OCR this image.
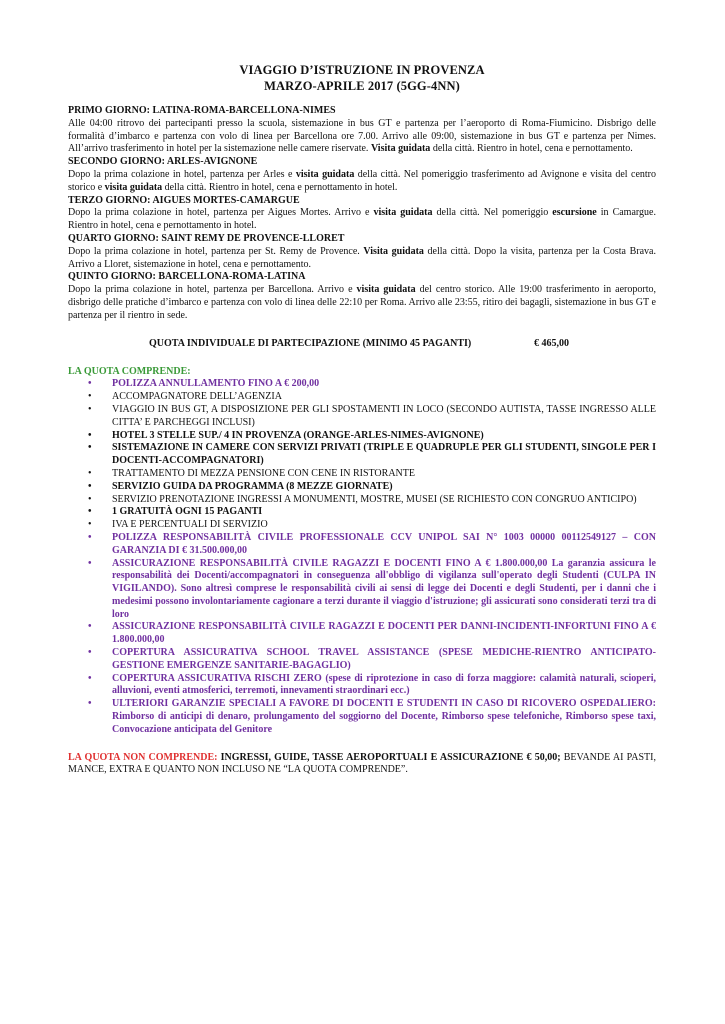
VIAGGIO D’ISTRUZIONE IN PROVENZA
MARZO-APRILE 2017 (5GG-4NN)
PRIMO GIORNO: LATINA-ROMA-BARCELLONA-NIMES

Alle 04:00 ritrovo dei partecipanti presso la scuola, sistemazione in bus GT e partenza per l’aeroporto di Roma-Fiumicino. Disbrigo delle formalità d’imbarco e partenza con volo di linea per Barcellona ore 7.00. Arrivo alle 09:00, sistemazione in bus GT e partenza per Nimes. All’arrivo trasferimento in hotel per la sistemazione nelle camere riservate. Visita guidata della città. Rientro in hotel, cena e pernottamento.

SECONDO GIORNO: ARLES-AVIGNONE

Dopo la prima colazione in hotel, partenza per Arles e visita guidata della città. Nel pomeriggio trasferimento ad Avignone e visita del centro storico e visita guidata della città. Rientro in hotel, cena e pernottamento in hotel.

TERZO GIORNO: AIGUES MORTES-CAMARGUE

Dopo la prima colazione in hotel, partenza per Aigues Mortes. Arrivo e visita guidata della città. Nel pomeriggio escursione in Camargue. Rientro in hotel, cena e pernottamento in hotel.

QUARTO GIORNO: SAINT REMY DE PROVENCE-LLORET

Dopo la prima colazione in hotel, partenza per St. Remy de Provence. Visita guidata della città. Dopo la visita, partenza per la Costa Brava. Arrivo a Lloret, sistemazione in hotel, cena e pernottamento.

QUINTO GIORNO: BARCELLONA-ROMA-LATINA

Dopo la prima colazione in hotel, partenza per Barcellona. Arrivo e visita guidata del centro storico. Alle 19:00 trasferimento in aeroporto, disbrigo delle pratiche d’imbarco e partenza con volo di linea delle 22:10 per Roma. Arrivo alle 23:55, ritiro dei bagagli, sistemazione in bus GT e partenza per il rientro in sede.

QUOTA INDIVIDUALE DI PARTECIPAZIONE (MINIMO 45 PAGANTI)	€ 465,00
LA QUOTA COMPRENDE:
• POLIZZA ANNULLAMENTO FINO A € 200,00
• ACCOMPAGNATORE DELL’AGENZIA
• VIAGGIO IN BUS GT, A DISPOSIZIONE PER GLI SPOSTAMENTI IN LOCO (SECONDO AUTISTA, TASSE INGRESSO ALLE CITTA’ E PARCHEGGI INCLUSI)
• HOTEL 3 STELLE SUP./ 4 IN PROVENZA (ORANGE-ARLES-NIMES-AVIGNONE)
• SISTEMAZIONE IN CAMERE CON SERVIZI PRIVATI (TRIPLE E QUADRUPLE PER GLI STUDENTI, SINGOLE PER I DOCENTI-ACCOMPAGNATORI)
• TRATTAMENTO DI MEZZA PENSIONE CON CENE IN RISTORANTE
• SERVIZIO GUIDA DA PROGRAMMA (8 MEZZE GIORNATE)
• SERVIZIO PRENOTAZIONE INGRESSI A MONUMENTI, MOSTRE, MUSEI (SE RICHIESTO CON CONGRUO ANTICIPO)
• 1 GRATUITÀ OGNI 15 PAGANTI
• IVA E PERCENTUALI DI SERVIZIO
• POLIZZA RESPONSABILITÀ CIVILE PROFESSIONALE CCV UNIPOL SAI N° 1003 00000 00112549127 – CON GARANZIA DI € 31.500.000,00
• ASSICURAZIONE RESPONSABILITÀ CIVILE RAGAZZI E DOCENTI FINO A € 1.800.000,00 La garanzia assicura le responsabilità dei Docenti/accompagnatori in conseguenza all'obbligo di vigilanza sull'operato degli Studenti (CULPA IN VIGILANDO). Sono altresì comprese le responsabilità civili ai sensi di legge dei Docenti e degli Studenti, per i danni che i medesimi possono involontariamente cagionare a terzi durante il viaggio d'istruzione; gli assicurati sono considerati terzi tra di loro
• ASSICURAZIONE RESPONSABILITÀ CIVILE RAGAZZI E DOCENTI PER DANNI-INCIDENTI-INFORTUNI FINO A € 1.800.000,00
• COPERTURA ASSICURATIVA SCHOOL TRAVEL ASSISTANCE (SPESE MEDICHE-RIENTRO ANTICIPATO-GESTIONE EMERGENZE SANITARIE-BAGAGLIO)
• COPERTURA ASSICURATIVA RISCHI ZERO (spese di riprotezione in caso di forza maggiore: calamità naturali, scioperi, alluvioni, eventi atmosferici, terremoti, innevamenti straordinari ecc.)
• ULTERIORI GARANZIE SPECIALI A FAVORE DI DOCENTI E STUDENTI IN CASO DI RICOVERO OSPEDALIERO: Rimborso di anticipi di denaro, prolungamento del soggiorno del Docente, Rimborso spese telefoniche, Rimborso spese taxi, Convocazione anticipata del Genitore
LA QUOTA NON COMPRENDE: INGRESSI, GUIDE, TASSE AEROPORTUALI E ASSICURAZIONE € 50,00; BEVANDE AI PASTI, MANCE, EXTRA E QUANTO NON INCLUSO NE “LA QUOTA COMPRENDE”.
